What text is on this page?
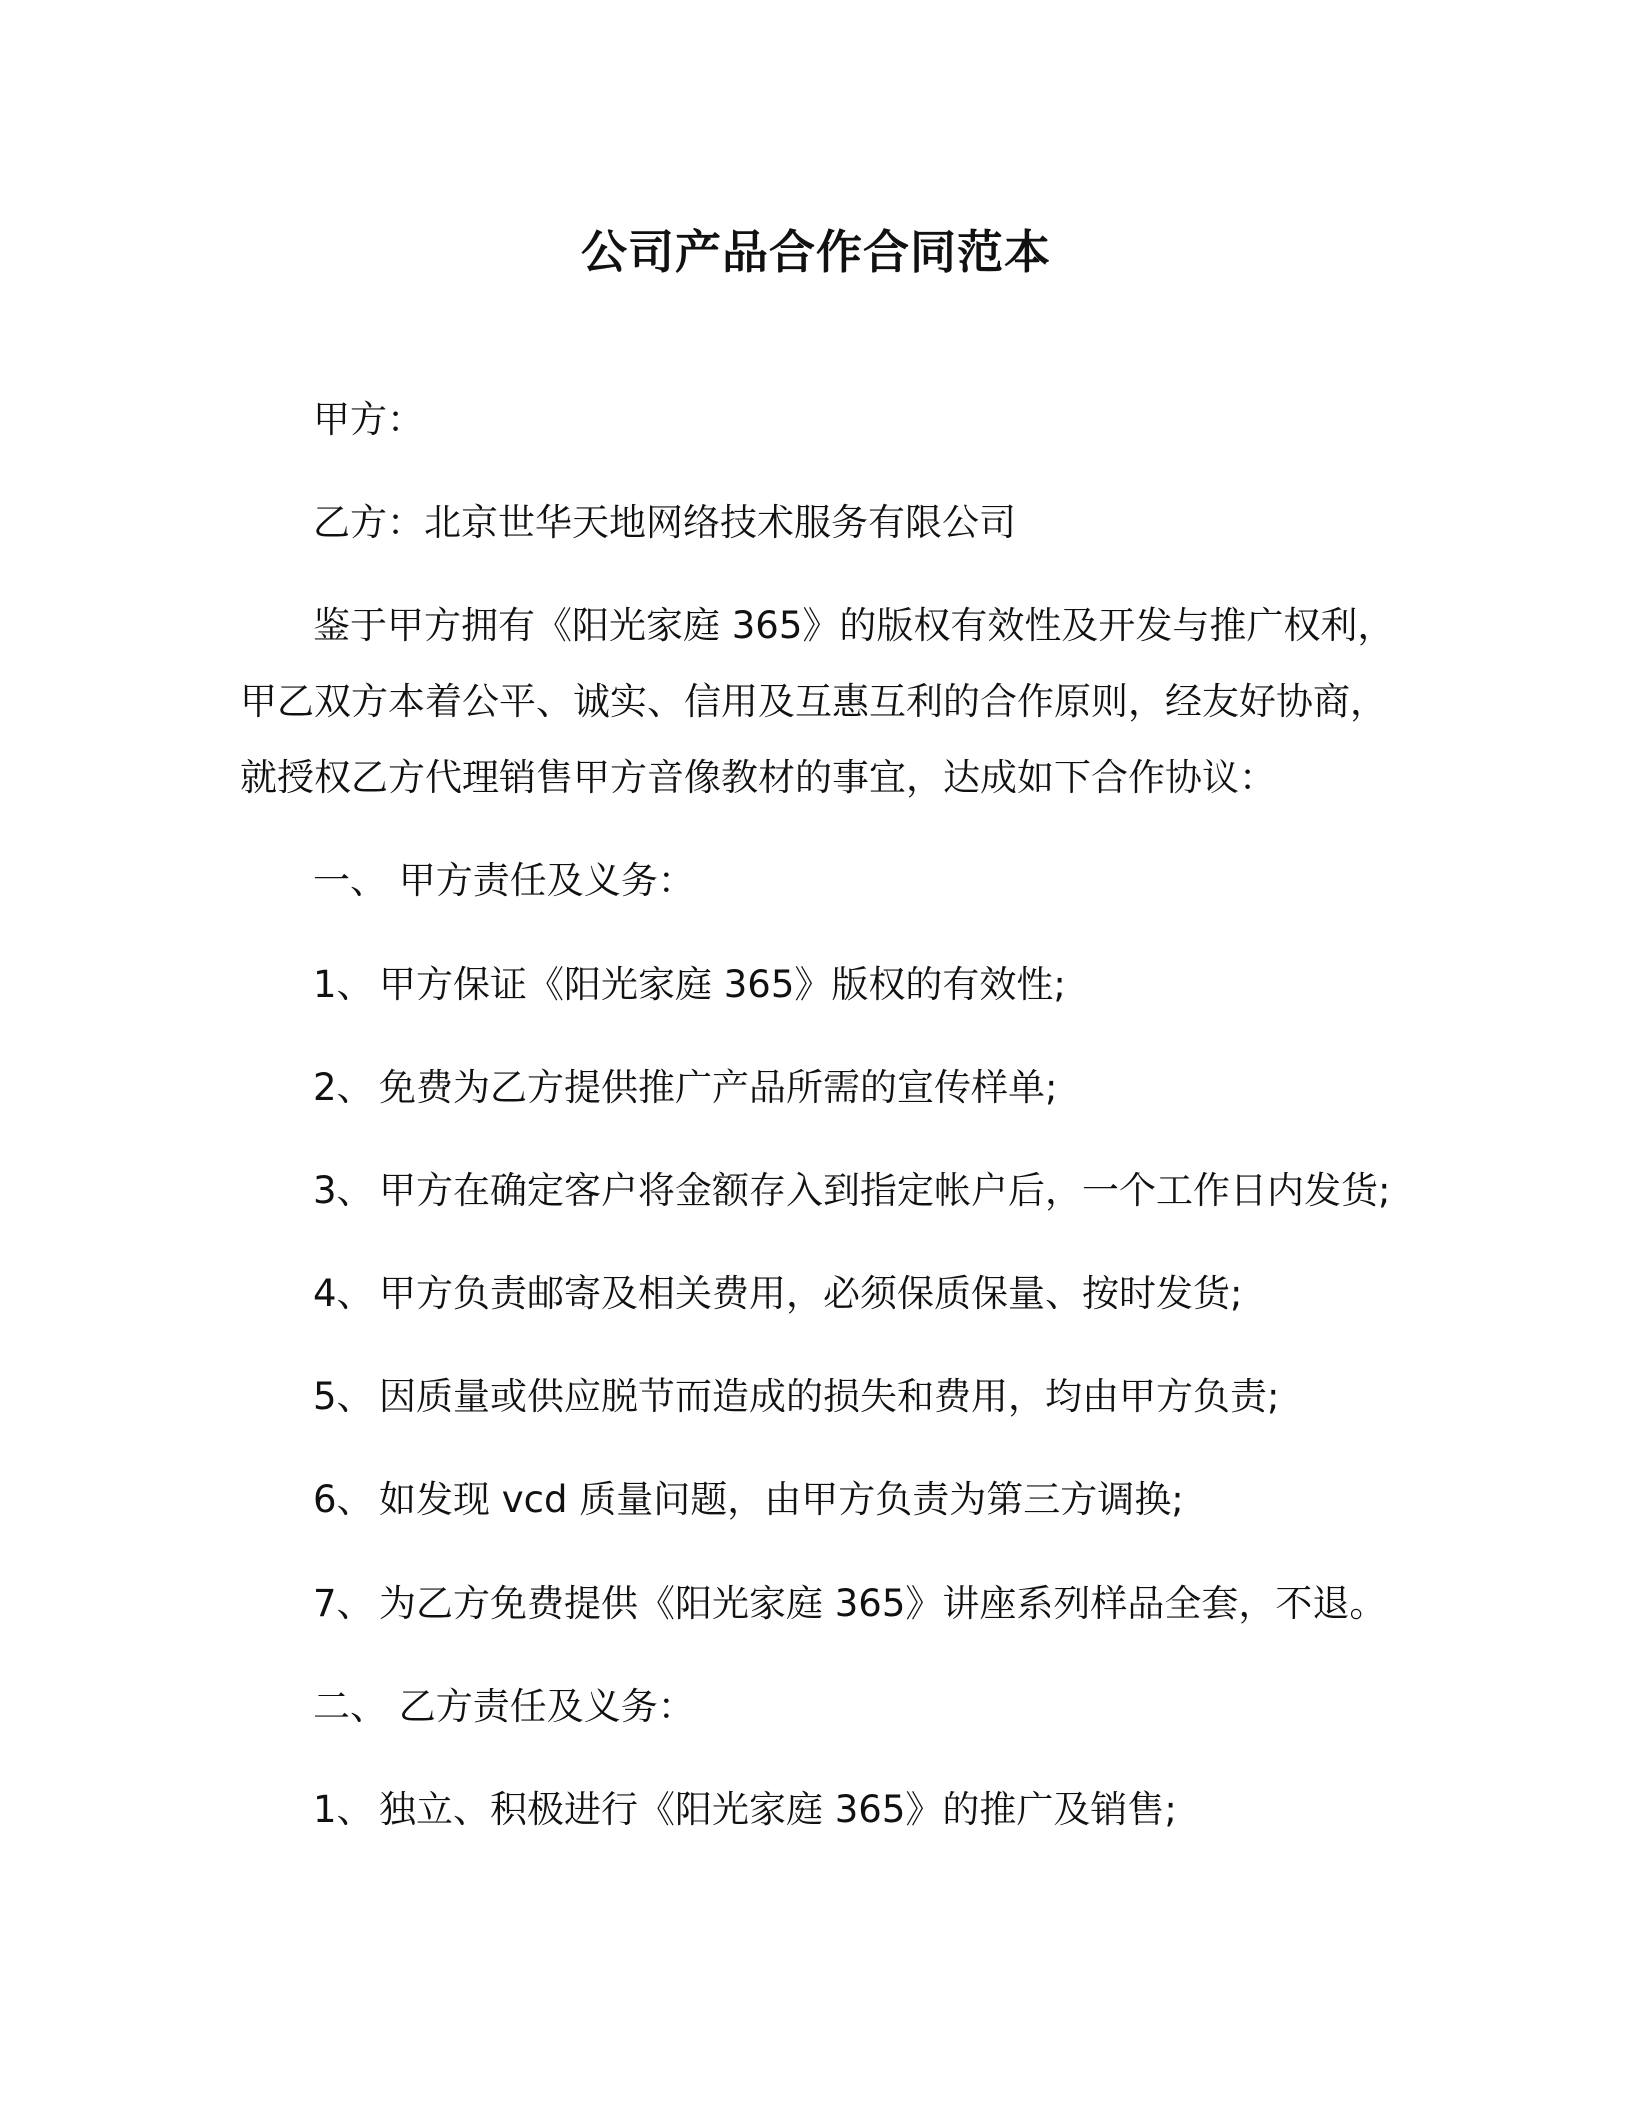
公司产品合作合同范本
甲方：
乙方：北京世华天地网络技术服务有限公司
鉴于甲方拥有《阳光家庭 365》的版权有效性及开发与推广权利，
甲乙双方本着公平、诚实、信用及互惠互利的合作原则，经友好协商，
就授权乙方代理销售甲方音像教材的事宜，达成如下合作协议：
一、 甲方责任及义务：
1、 甲方保证《阳光家庭 365》版权的有效性;
2、 免费为乙方提供推广产品所需的宣传样单;
3、 甲方在确定客户将金额存入到指定帐户后，一个工作日内发货;
4、 甲方负责邮寄及相关费用，必须保质保量、按时发货;
5、 因质量或供应脱节而造成的损失和费用，均由甲方负责;
6、 如发现 vcd 质量问题，由甲方负责为第三方调换;
7、 为乙方免费提供《阳光家庭 365》讲座系列样品全套，不退。
二、 乙方责任及义务：
1、 独立、积极进行《阳光家庭 365》的推广及销售;
